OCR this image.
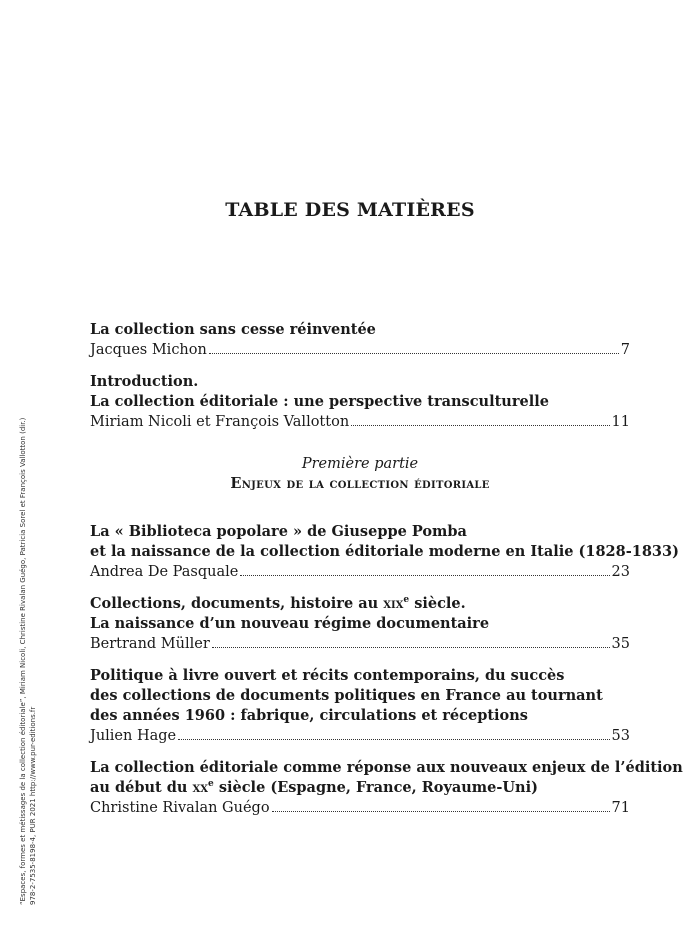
TABLE DES MATIÈRES
La collection sans cesse réinventée
Jacques Michon	7
Introduction.
La collection éditoriale : une perspective transculturelle
Miriam Nicoli et François Vallotton	11
Première partie
Enjeux de la collection éditoriale
La « Biblioteca popolare » de Giuseppe Pomba
et la naissance de la collection éditoriale moderne en Italie (1828-1833)
Andrea De Pasquale	23
Collections, documents, histoire au xix$^e$ siècle.
La naissance d’un nouveau régime documentaire
Bertrand Müller	35
Politique à livre ouvert et récits contemporains, du succès
des collections de documents politiques en France au tournant
des années 1960 : fabrique, circulations et réceptions
Julien Hage	53
La collection éditoriale comme réponse aux nouveaux enjeux de l’édition
au début du $xx^e$ siècle (Espagne, France, Royaume-Uni)
Christine Rivalan Guégo	71
“Espaces, formes et métissages de la collection éditoriale”, Miriam Nicoli, Christine Rivalan Guégo, Patricia Sorel et François Vallotton (dir.) 978-2-7535-8198-4, PUR 2021 http://www.pur-editions.fr
